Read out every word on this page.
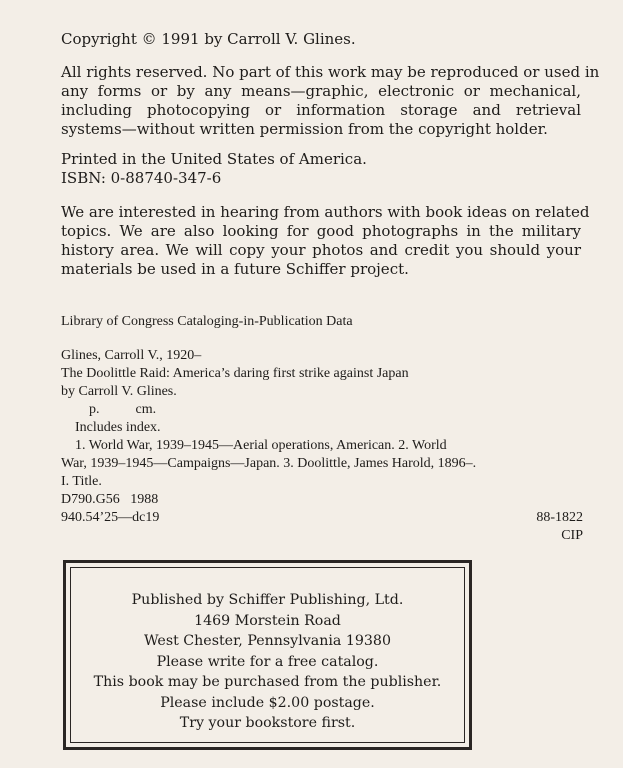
Copyright © 1991 by Carroll V. Glines.

All rights reserved. No part of this work may be reproduced or used in

any forms or by any means—graphic, electronic or mechanical,

including photocopying or information storage and retrieval

systems—without written permission from the copyright holder.

Printed in the United States of America.

ISBN: 0-88740-347-6

We are interested in hearing from authors with book ideas on related

topics. We are also looking for good photographs in the military

history area. We will copy your photos and credit you should your

materials be used in a future Schiffer project.

Library of Congress Cataloging-in-Publication Data

Glines, Carroll V., 1920–

The Doolittle Raid: America’s daring first strike against Japan

by Carroll V. Glines.

p.	cm.

Includes index.

1. World War, 1939–1945—Aerial operations, American. 2. World

War, 1939–1945—Campaigns—Japan. 3. Doolittle, James Harold, 1896–.

I. Title.

D790.G56 1988

940.54’25—dc19	88-1822
CIP
Published by Schiffer Publishing, Ltd.
1469 Morstein Road
West Chester, Pennsylvania 19380
Please write for a free catalog.
This book may be purchased from the publisher.
Please include $2.00 postage.
Try your bookstore first.
